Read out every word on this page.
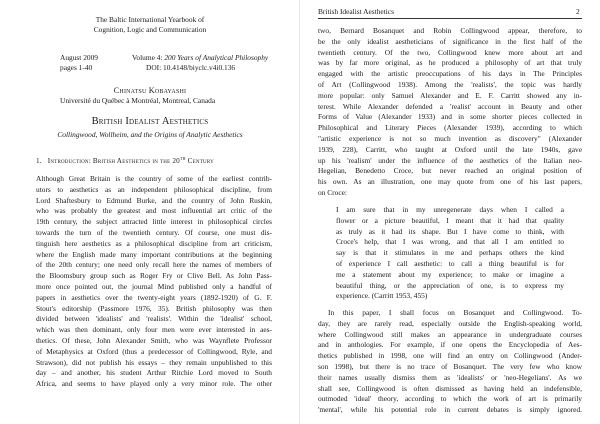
The Baltic International Yearbook of
Cognition, Logic and Communication
August 2009
pages 1-40
Volume 4: 200 Years of Analytical Philosophy
DOI: 10.4148/biyclc.v4i0.136
Chinatsu Kobayashi
Université du Québec à Montréal, Montreal, Canada
British Idealist Aesthetics
Collingwood, Wollheim, and the Origins of Analytic Aesthetics
1. Introduction: British Aesthetics in the 20th Century
Although Great Britain is the country of some of the earliest contrib-
utors to aesthetics as an independent philosophical discipline, from
Lord Shaftesbury to Edmund Burke, and the country of John Ruskin,
who was probably the greatest and most influential art critic of the
19th century, the subject attracted little interest in philosophical circles
towards the turn of the twentieth century. Of course, one must dis-
tinguish here aesthetics as a philosophical discipline from art criticism,
where the English made many important contributions at the beginning
of the 20th century; one need only recall here the names of members of
the Bloomsbury group such as Roger Fry or Clive Bell. As John Pass-
more once pointed out, the journal Mind published only a handful of
papers in aesthetics over the twenty-eight years (1892-1920) of G. F.
Stout's editorship (Passmore 1976, 35). British philosophy was then
divided between 'idealists' and 'realists'. Within the 'idealist' school,
which was then dominant, only four men were ever interested in aes-
thetics. Of these, John Alexander Smith, who was Waynflete Professor
of Metaphysics at Oxford (thus a predecessor of Collingwood, Ryle, and
Strawson), did not publish his essays – they remain unpublished to this
day – and another, his student Arthur Ritchie Lord moved to South
Africa, and seems to have played only a very minor role. The other
British Idealist Aesthetics	2
two, Bernard Bosanquet and Robin Collingwood appear, therefore, to
be the only idealist aestheticians of significance in the first half of the
twentieth century. Of the two, Collingwood knew more about art and
was by far more original, as he produced a philosophy of art that truly
engaged with the artistic preoccupations of his days in The Principles
of Art (Collingwood 1938). Among the 'realists', the topic was hardly
more popular: only Samuel Alexander and E. F. Carritt showed any in-
terest. While Alexander defended a 'realist' account in Beauty and other
Forms of Value (Alexander 1933) and in some shorter pieces collected in
Philosophical and Literary Pieces (Alexander 1939), according to which
"artistic experience is not so much invention as discovery" (Alexander
1939, 228), Carritt, who taught at Oxford until the late 1940s, gave
up his 'realism' under the influence of the aesthetics of the Italian neo-
Hegelian, Benedetto Croce, but never reached an original position of
his own. As an illustration, one may quote from one of his last papers,
on Croce:
I am sure that in my unregenerate days when I called a
flower or a picture beautiful, I meant that it had that quality
as truly as it had its shape. But I have come to think, with
Croce's help, that I was wrong, and that all I am entitled to
say is that it stimulates in me and perhaps others the kind
of experience I call aesthetic: to call a thing beautiful is for
me a statement about my experience; to make or imagine a
beautiful thing, or the appreciation of one, is to express my
experience. (Carritt 1953, 455)
In this paper, I shall focus on Bosanquet and Collingwood. To-
day, they are rarely read, especially outside the English-speaking world,
where Collingwood still makes an appearance in undergraduate courses
and in anthologies. For example, if one opens the Encyclopedia of Aes-
thetics published in 1998, one will find an entry on Collingwood (Ander-
son 1998), but there is no trace of Bosanquet. The very few who know
their names usually dismiss them as 'idealists' or 'neo-Hegelians'. As we
shall see, Collingwood is often dismissed as having held an indefensible,
outmoded 'ideal' theory, according to which the work of art is primarily
'mental', while his potential role in current debates is simply ignored.
